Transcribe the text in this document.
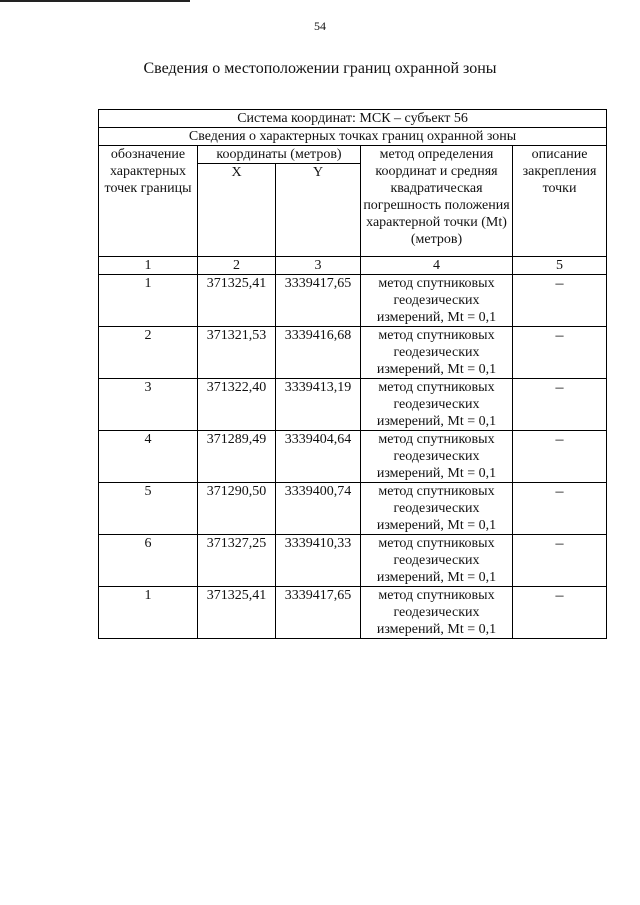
54
Сведения о местоположении границ охранной зоны
Система координат: МСК – субъект 56				
Сведения о характерных точках границ охранной зоны				
обозначение характерных точек границы	координаты (метров)		метод определения координат и средняя квадратическая погрешность положения характерной точки (Mt) (метров)	описание закрепления точки
	X	Y		
1	2	3	4	5
1	371325,41	3339417,65	метод спутниковых геодезических измерений, Mt = 0,1	–
2	371321,53	3339416,68	метод спутниковых геодезических измерений, Mt = 0,1	–
3	371322,40	3339413,19	метод спутниковых геодезических измерений, Mt = 0,1	–
4	371289,49	3339404,64	метод спутниковых геодезических измерений, Mt = 0,1	–
5	371290,50	3339400,74	метод спутниковых геодезических измерений, Mt = 0,1	–
6	371327,25	3339410,33	метод спутниковых геодезических измерений, Mt = 0,1	–
1	371325,41	3339417,65	метод спутниковых геодезических измерений, Mt = 0,1	–
